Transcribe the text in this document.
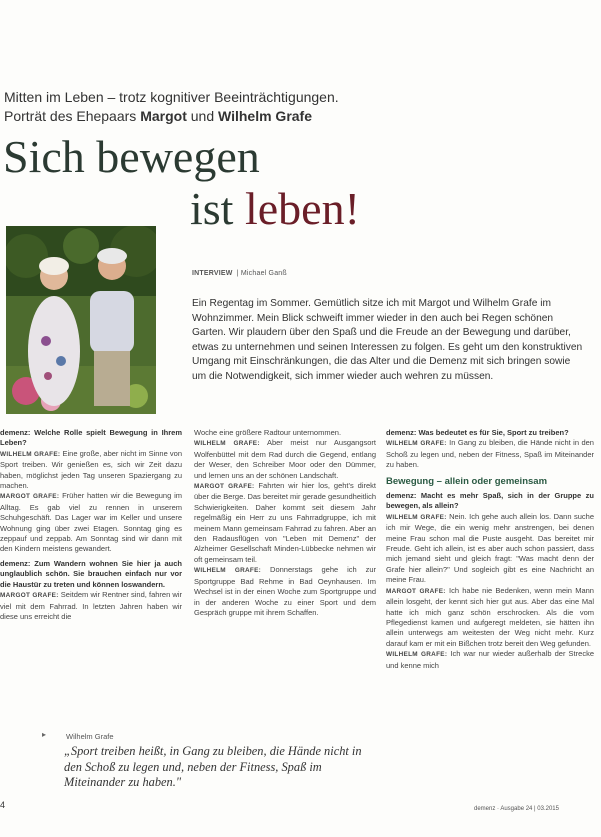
Mitten im Leben – trotz kognitiver Beeinträchtigungen.
Porträt des Ehepaars Margot und Wilhelm Grafe
Sich bewegen
ist leben!
INTERVIEW | Michael Ganß
Ein Regentag im Sommer. Gemütlich sitze ich mit Margot und Wilhelm Grafe im Wohnzimmer. Mein Blick schweift immer wieder in den auch bei Regen schönen Garten. Wir plaudern über den Spaß und die Freude an der Bewegung und darüber, etwas zu unternehmen und seinen Interessen zu folgen. Es geht um den konstruktiven Umgang mit Einschränkungen, die das Alter und die Demenz mit sich bringen sowie um die Notwendigkeit, sich immer wieder auch wehren zu müssen.

demenz: Welche Rolle spielt Bewegung in Ihrem Leben?

WILHELM GRAFE: Eine große, aber nicht im Sinne von Sport treiben. Wir genießen es, sich wir Zeit dazu haben, möglichst jeden Tag unseren Spaziergang zu machen.

MARGOT GRAFE: Früher hatten wir die Bewegung im Alltag. Es gab viel zu rennen in unserem Schuhgeschäft. Das Lager war im Keller und unsere Wohnung ging über zwei Etagen. Sonntag ging es zeppauf und zeppab. Am Sonntag sind wir dann mit den Kindern meistens gewandert.

demenz: Zum Wandern wohnen Sie hier ja auch unglaublich schön. Sie brauchen einfach nur vor die Haustür zu treten und können loswandern.

MARGOT GRAFE: Seitdem wir Rentner sind, fahren wir viel mit dem Fahrrad. In letzten Jahren haben wir diese uns erreicht die

Woche eine größere Radtour unternommen.

WILHELM GRAFE: Aber meist nur Ausgangsort Wolfenbüttel mit dem Rad durch die Gegend, entlang der Weser, den Schreiber Moor oder den Dümmer, und lernen uns an der schönen Landschaft.

MARGOT GRAFE: Fahrten wir hier los, geht's direkt über die Berge. Das bereitet mir gerade gesundheitlich Schwierigkeiten. Daher kommt seit diesem Jahr regelmäßig ein Herr zu uns Fahrradgruppe, ich mit meinem Mann gemeinsam Fahrrad zu fahren. Aber an den Radausflügen von "Leben mit Demenz" der Alzheimer Gesellschaft Minden-Lübbecke nehmen wir oft gemeinsam teil.

WILHELM GRAFE: Donnerstags gehe ich zur Sportgruppe Bad Rehme in Bad Oeynhausen. Im Wechsel ist in der einen Woche zum Sportgruppe und in der anderen Woche zu einer Sport und dem Gespräch gruppe mit ihrem Schaffen.

demenz: Was bedeutet es für Sie, Sport zu treiben?

WILHELM GRAFE: In Gang zu bleiben, die Hände nicht in den Schoß zu legen und, neben der Fitness, Spaß im Miteinander zu haben.

Bewegung – allein oder gemeinsam

demenz: Macht es mehr Spaß, sich in der Gruppe zu bewegen, als allein?

WILHELM GRAFE: Nein. Ich gehe auch allein los. Dann suche ich mir Wege, die ein wenig mehr anstrengen, bei denen meine Frau schon mal die Puste ausgeht. Das bereitet mir Freude. Geht ich allein, ist es aber auch schon passiert, dass mich jemand sieht und gleich fragt: "Was macht denn der Grafe hier allein?" Und sogleich gibt es eine Nachricht an meine Frau.

MARGOT GRAFE: Ich habe nie Bedenken, wenn mein Mann allein losgeht, der kennt sich hier gut aus. Aber das eine Mal hatte ich mich ganz schön erschrocken. Als die vom Pflegedienst kamen und aufgeregt meldeten, sie hätten ihn allein unterwegs am weitesten der Weg nicht mehr. Kurz darauf kam er mit ein Bißchen trotz bereit den Weg gefunden.

WILHELM GRAFE: Ich war nur wieder außerhalb der Strecke und kenne mich

▸	Wilhelm Grafe
„Sport treiben heißt, in Gang zu bleiben, die Hände nicht in den Schoß zu legen und, neben der Fitness, Spaß im Miteinander zu haben."
4	demenz · Ausgabe 24 | 03.2015
